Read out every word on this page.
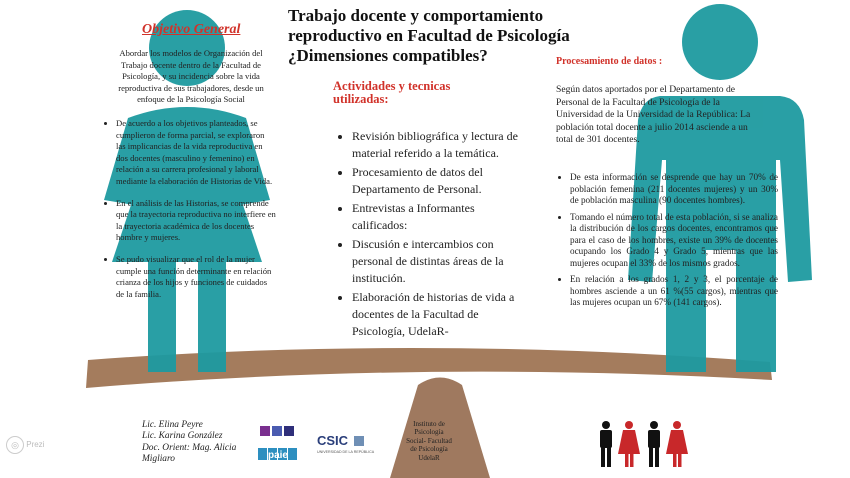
Trabajo docente y comportamiento reproductivo en Facultad de Psicología ¿Dimensiones compatibles?
Objetivo General
Abordar los modelos de Organización del Trabajo docente dentro de la Facultad de Psicología, y su incidencia sobre la vida reproductiva de sus trabajadores, desde un enfoque de la Psicología Social
• De acuerdo a los objetivos planteados, se cumplieron de forma parcial, se exploraron las implicancias de la vida reproductiva en dos docentes (masculino y femenino) en relación a su carrera profesional y laboral mediante la elaboración de Historias de Vida.
• En el análisis de las Historias, se comprende que la trayectoria reproductiva no interfiere en la trayectoria académica de los docentes hombre y mujeres.
• Se pudo visualizar que el rol de la mujer cumple una función determinante en relación crianza de los hijos y funciones de cuidados de la familia.
Actividades y tecnicas utilizadas:
• Revisión bibliográfica y lectura de material referido a la temática.
• Procesamiento de datos del Departamento de Personal.
• Entrevistas a Informantes calificados:
• Discusión e intercambios con personal de distintas áreas de la institución.
• Elaboración de historias de vida a docentes de la Facultad de Psicología, UdelaR-
Procesamiento de datos :
Según datos aportados por el Departamento de Personal de la Facultad de Psicología de la Universidad de la Universidad de la República: La población total docente a julio 2014 asciende a un total de 301 docentes.
• De esta información se desprende que hay un 70% de población femenina (211 docentes mujeres) y un 30% de población masculina (90 docentes hombres).
• Tomando el número total de esta población, si se analiza la distribución de los cargos docentes, encontramos que para el caso de los hombres, existe un 39% de docentes ocupando los Grado 4 y Grado 5, mientras que las mujeres ocupan el 33% de los mismos grados.
• En relación a los grados 1, 2 y 3, el porcentaje de hombres asciende a un 61 %(55 cargos), mientras que las mujeres ocupan un 67% (141 cargos).
Lic. Elina Peyre
Lic. Karina González
Doc. Orient: Mag. Alicia
Migliaro	paie
CSIC
UNIVERSIDAD DE LA REPÚBLICA
Instituto de
Psicología
Social- Facultad
de Psicología
UdelaR
◎ Prezi
